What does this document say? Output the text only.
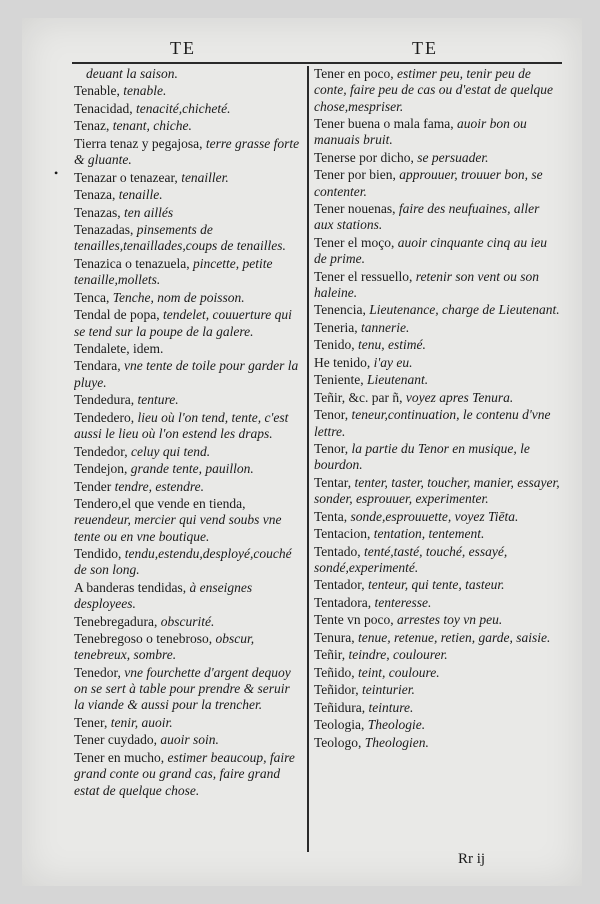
TE	TE
•
deuant la saison.
Tenable, tenable.
Tenacidad, tenacité,chicheté.
Tenaz, tenant, chiche.
Tierra tenaz y pegajosa, terre grasse forte & gluante.
Tenazar o tenazear, tenailler.
Tenaza, tenaille.
Tenazas, ten aillés
Tenazadas, pinsements de tenailles,tenaillades,coups de tenailles.
Tenazica o tenazuela, pincette, petite tenaille,mollets.
Tenca, Tenche, nom de poisson.
Tendal de popa, tendelet, couuerture qui se tend sur la poupe de la galere.
Tendalete, idem.
Tendara, vne tente de toile pour garder la pluye.
Tendedura, tenture.
Tendedero, lieu où l'on tend, tente, c'est aussi le lieu où l'on estend les draps.
Tendedor, celuy qui tend.
Tendejon, grande tente, pauillon.
Tender tendre, estendre.
Tendero,el que vende en tienda, reuendeur, mercier qui vend soubs vne tente ou en vne boutique.
Tendido, tendu,estendu,desployé,couché de son long.
A banderas tendidas, à enseignes desployees.
Tenebregadura, obscurité.
Tenebregoso o tenebroso, obscur, tenebreux, sombre.
Tenedor, vne fourchette d'argent dequoy on se sert à table pour prendre & seruir la viande & aussi pour la trencher.
Tener, tenir, auoir.
Tener cuydado, auoir soin.
Tener en mucho, estimer beaucoup, faire grand conte ou grand cas, faire grand estat de quelque chose.
Tener en poco, estimer peu, tenir peu de conte, faire peu de cas ou d'estat de quelque chose,mespriser.
Tener buena o mala fama, auoir bon ou manuais bruit.
Tenerse por dicho, se persuader.
Tener por bien, approuuer, trouuer bon, se contenter.
Tener nouenas, faire des neufuaines, aller aux stations.
Tener el moço, auoir cinquante cinq au ieu de prime.
Tener el ressuello, retenir son vent ou son haleine.
Tenencia, Lieutenance, charge de Lieutenant.
Teneria, tannerie.
Tenido, tenu, estimé.
He tenido, i'ay eu.
Teniente, Lieutenant.
Teñir, &c. par ñ, voyez apres Tenura.
Tenor, teneur,continuation, le contenu d'vne lettre.
Tenor, la partie du Tenor en musique, le bourdon.
Tentar, tenter, taster, toucher, manier, essayer, sonder, esprouuer, experimenter.
Tenta, sonde,esprouuette, voyez Tiēta.
Tentacion, tentation, tentement.
Tentado, tenté,tasté, touché, essayé, sondé,experimenté.
Tentador, tenteur, qui tente, tasteur.
Tentadora, tenteresse.
Tente vn poco, arrestes toy vn peu.
Tenura, tenue, retenue, retien, garde, saisie.
Teñir, teindre, coulourer.
Teñido, teint, couloure.
Teñidor, teinturier.
Teñidura, teinture.
Teologia, Theologie.
Teologo, Theologien.
Rr ij
